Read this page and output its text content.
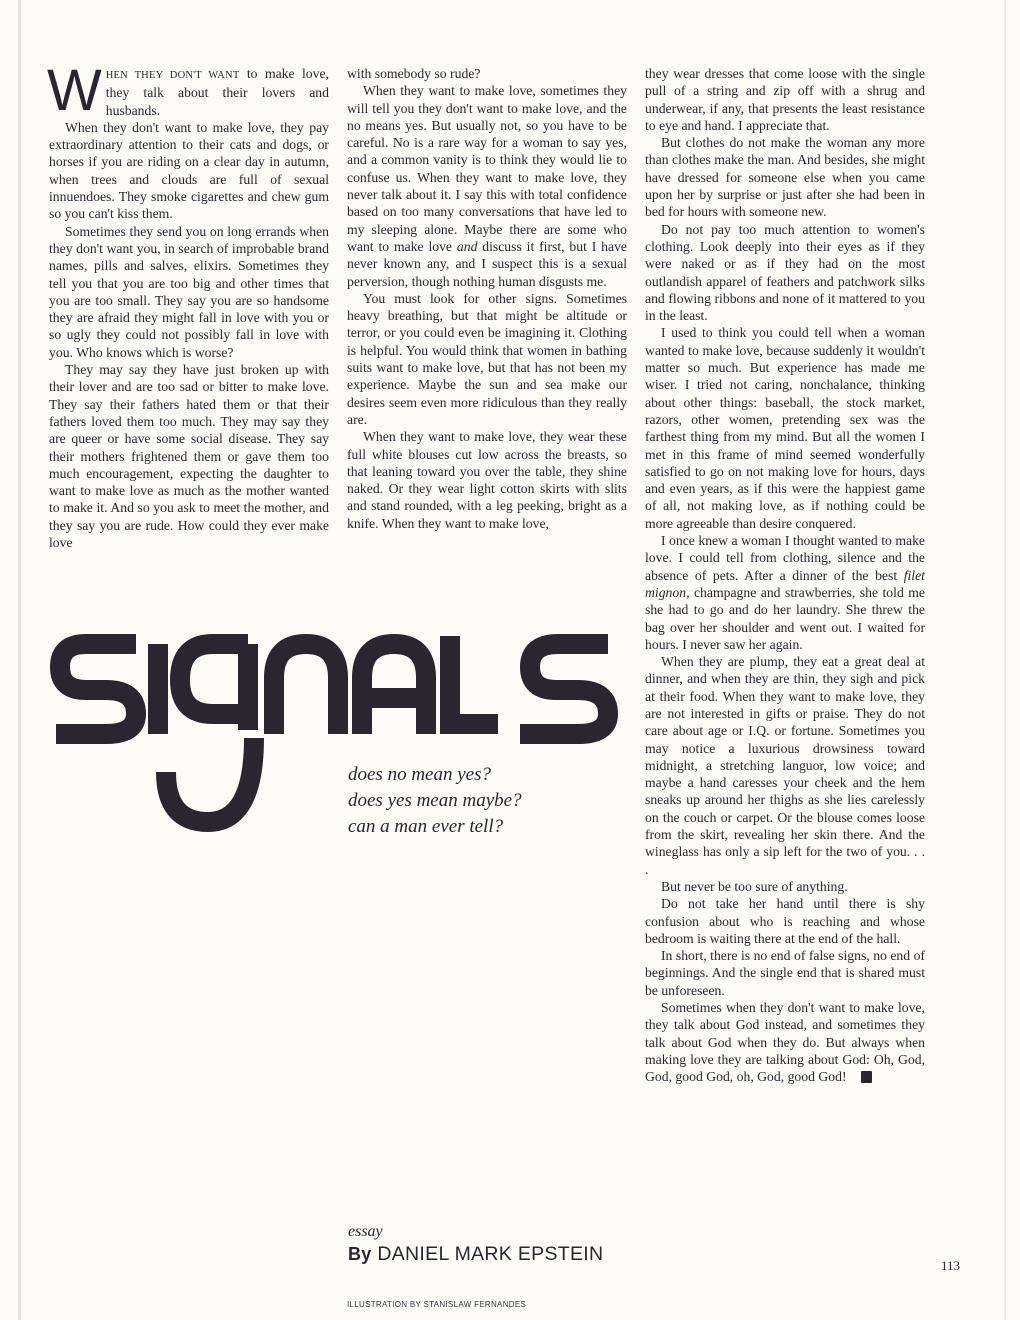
WHEN THEY DON'T WANT to make love, they talk about their lovers and husbands.

When they don't want to make love, they pay extraordinary attention to their cats and dogs, or horses if you are riding on a clear day in autumn, when trees and clouds are full of sexual innuendoes. They smoke cigarettes and chew gum so you can't kiss them.

Sometimes they send you on long errands when they don't want you, in search of improbable brand names, pills and salves, elixirs. Sometimes they tell you that you are too big and other times that you are too small. They say you are so handsome they are afraid they might fall in love with you or so ugly they could not possibly fall in love with you. Who knows which is worse?

They may say they have just broken up with their lover and are too sad or bitter to make love. They say their fathers hated them or that their fathers loved them too much. They may say they are queer or have some social disease. They say their mothers frightened them or gave them too much encouragement, expecting the daughter to want to make love as much as the mother wanted to make it. And so you ask to meet the mother, and they say you are rude. How could they ever make love

with somebody so rude?

When they want to make love, sometimes they will tell you they don't want to make love, and the no means yes. But usually not, so you have to be careful. No is a rare way for a woman to say yes, and a common vanity is to think they would lie to confuse us. When they want to make love, they never talk about it. I say this with total confidence based on too many conversations that have led to my sleeping alone. Maybe there are some who want to make love and discuss it first, but I have never known any, and I suspect this is a sexual perversion, though nothing human disgusts me.

You must look for other signs. Sometimes heavy breathing, but that might be altitude or terror, or you could even be imagining it. Clothing is helpful. You would think that women in bathing suits want to make love, but that has not been my experience. Maybe the sun and sea make our desires seem even more ridiculous than they really are.

When they want to make love, they wear these full white blouses cut low across the breasts, so that leaning toward you over the table, they shine naked. Or they wear light cotton skirts with slits and stand rounded, with a leg peeking, bright as a knife. When they want to make love,

they wear dresses that come loose with the single pull of a string and zip off with a shrug and underwear, if any, that presents the least resistance to eye and hand. I appreciate that.

But clothes do not make the woman any more than clothes make the man. And besides, she might have dressed for someone else when you came upon her by surprise or just after she had been in bed for hours with someone new.

Do not pay too much attention to women's clothing. Look deeply into their eyes as if they were naked or as if they had on the most outlandish apparel of feathers and patchwork silks and flowing ribbons and none of it mattered to you in the least.

I used to think you could tell when a woman wanted to make love, because suddenly it wouldn't matter so much. But experience has made me wiser. I tried not caring, nonchalance, thinking about other things: baseball, the stock market, razors, other women, pretending sex was the farthest thing from my mind. But all the women I met in this frame of mind seemed wonderfully satisfied to go on not making love for hours, days and even years, as if this were the happiest game of all, not making love, as if nothing could be more agreeable than desire conquered.

I once knew a woman I thought wanted to make love. I could tell from clothing, silence and the absence of pets. After a dinner of the best filet mignon, champagne and strawberries, she told me she had to go and do her laundry. She threw the bag over her shoulder and went out. I waited for hours. I never saw her again.

When they are plump, they eat a great deal at dinner, and when they are thin, they sigh and pick at their food. When they want to make love, they are not interested in gifts or praise. They do not care about age or I.Q. or fortune. Sometimes you may notice a luxurious drowsiness toward midnight, a stretching languor, low voice; and maybe a hand caresses your cheek and the hem sneaks up around her thighs as she lies carelessly on the couch or carpet. Or the blouse comes loose from the skirt, revealing her skin there. And the wineglass has only a sip left for the two of you. . . .

But never be too sure of anything.

Do not take her hand until there is shy confusion about who is reaching and whose bedroom is waiting there at the end of the hall.

In short, there is no end of false signs, no end of beginnings. And the single end that is shared must be unforeseen.

Sometimes when they don't want to make love, they talk about God instead, and sometimes they talk about God when they do. But always when making love they are talking about God: Oh, God, God, good God, oh, God, good God!

does no mean yes?
does yes mean maybe?
can a man ever tell?
essay
By DANIEL MARK EPSTEIN
113
ILLUSTRATION BY STANISLAW FERNANDES
